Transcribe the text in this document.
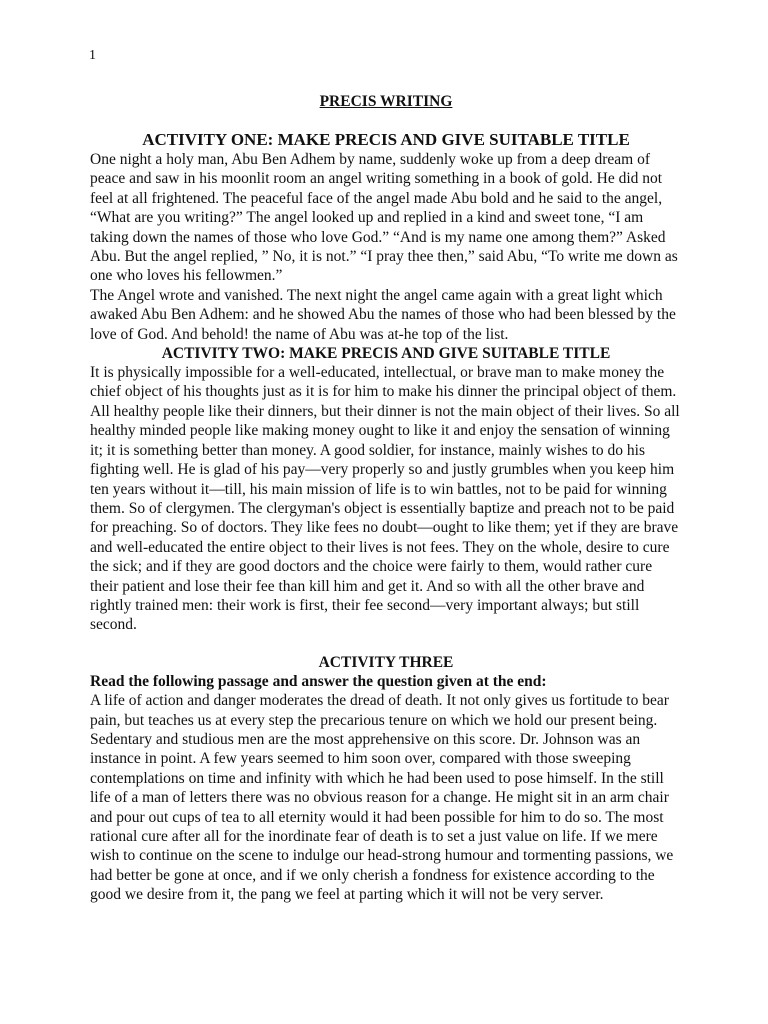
1
PRECIS WRITING
ACTIVITY ONE: MAKE PRECIS AND GIVE SUITABLE TITLE

One night a holy man, Abu Ben Adhem by name, suddenly woke up from a deep dream of peace and saw in his moonlit room an angel writing something in a book of gold. He did not feel at all frightened. The peaceful face of the angel made Abu bold and he said to the angel, “What are you writing?” The angel looked up and replied in a kind and sweet tone, “I am taking down the names of those who love God.” “And is my name one among them?” Asked Abu. But the angel replied, ” No, it is not.” “I pray thee then,” said Abu, “To write me down as one who loves his fellowmen.”

The Angel wrote and vanished. The next night the angel came again with a great light which awaked Abu Ben Adhem: and he showed Abu the names of those who had been blessed by the love of God. And behold! the name of Abu was at-he top of the list.

ACTIVITY TWO: MAKE PRECIS AND GIVE SUITABLE TITLE

It is physically impossible for a well-educated, intellectual, or brave man to make money the chief object of his thoughts just as it is for him to make his dinner the principal object of them. All healthy people like their dinners, but their dinner is not the main object of their lives. So all healthy minded people like making money ought to like it and enjoy the sensation of winning it; it is something better than money. A good soldier, for instance, mainly wishes to do his fighting well. He is glad of his pay—very properly so and justly grumbles when you keep him ten years without it—till, his main mission of life is to win battles, not to be paid for winning them. So of clergymen. The clergyman's object is essentially baptize and preach not to be paid for preaching. So of doctors. They like fees no doubt—ought to like them; yet if they are brave and well-educated the entire object to their lives is not fees. They on the whole, desire to cure the sick; and if they are good doctors and the choice were fairly to them, would rather cure their patient and lose their fee than kill him and get it. And so with all the other brave and rightly trained men: their work is first, their fee second—very important always; but still second.

ACTIVITY THREE
Read the following passage and answer the question given at the end:

A life of action and danger moderates the dread of death. It not only gives us fortitude to bear pain, but teaches us at every step the precarious tenure on which we hold our present being. Sedentary and studious men are the most apprehensive on this score. Dr. Johnson was an instance in point. A few years seemed to him soon over, compared with those sweeping contemplations on time and infinity with which he had been used to pose himself. In the still life of a man of letters there was no obvious reason for a change. He might sit in an arm chair and pour out cups of tea to all eternity would it had been possible for him to do so. The most rational cure after all for the inordinate fear of death is to set a just value on life. If we mere wish to continue on the scene to indulge our head-strong humour and tormenting passions, we had better be gone at once, and if we only cherish a fondness for existence according to the good we desire from it, the pang we feel at parting which it will not be very server.
